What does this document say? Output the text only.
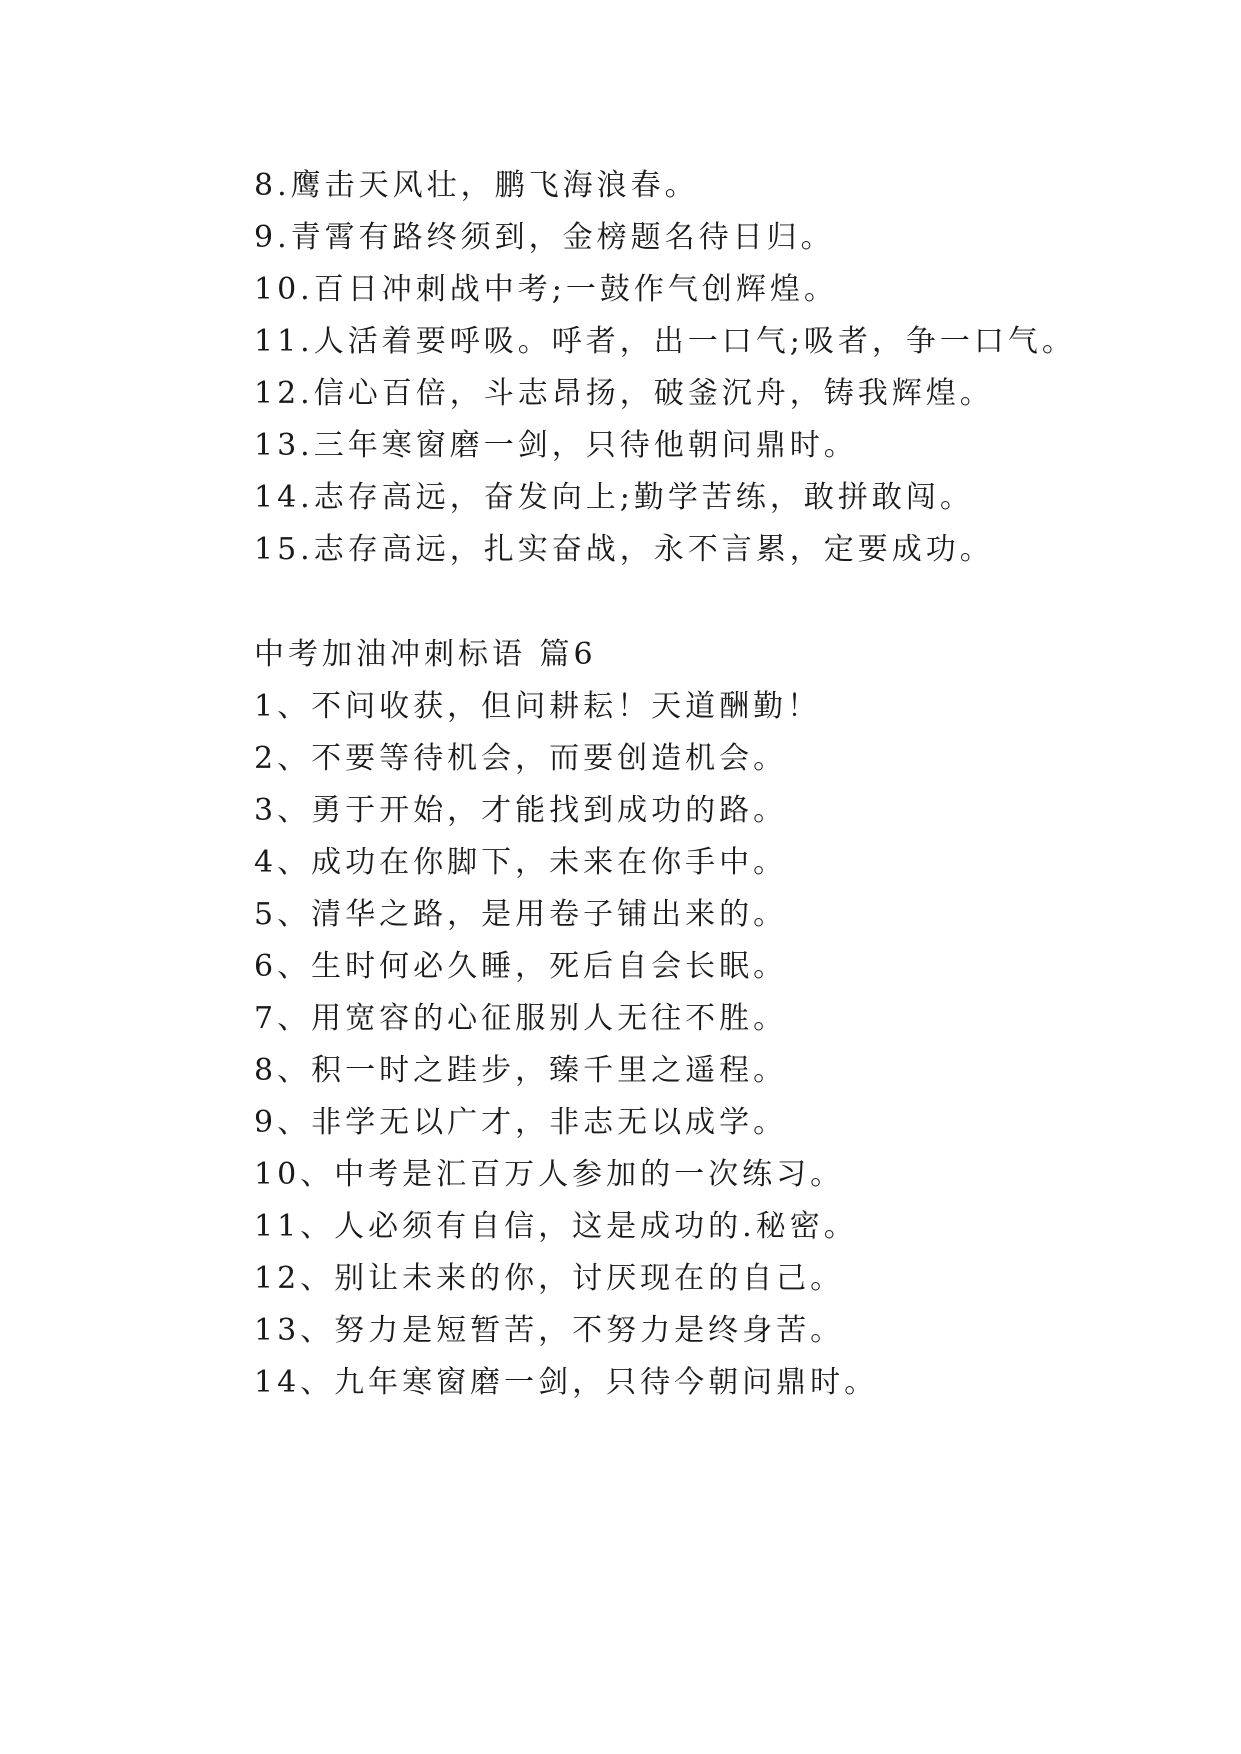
8.鹰击天风壮，鹏飞海浪春。
9.青霄有路终须到，金榜题名待日归。
10.百日冲刺战中考;一鼓作气创辉煌。
11.人活着要呼吸。呼者，出一口气;吸者，争一口气。
12.信心百倍，斗志昂扬，破釜沉舟，铸我辉煌。
13.三年寒窗磨一剑，只待他朝问鼎时。
14.志存高远，奋发向上;勤学苦练，敢拼敢闯。
15.志存高远，扎实奋战，永不言累，定要成功。
中考加油冲刺标语 篇6
1、不问收获，但问耕耘！天道酬勤！
2、不要等待机会，而要创造机会。
3、勇于开始，才能找到成功的路。
4、成功在你脚下，未来在你手中。
5、清华之路，是用卷子铺出来的。
6、生时何必久睡，死后自会长眠。
7、用宽容的心征服别人无往不胜。
8、积一时之跬步，臻千里之遥程。
9、非学无以广才，非志无以成学。
10、中考是汇百万人参加的一次练习。
11、人必须有自信，这是成功的.秘密。
12、别让未来的你，讨厌现在的自己。
13、努力是短暂苦，不努力是终身苦。
14、九年寒窗磨一剑，只待今朝问鼎时。
